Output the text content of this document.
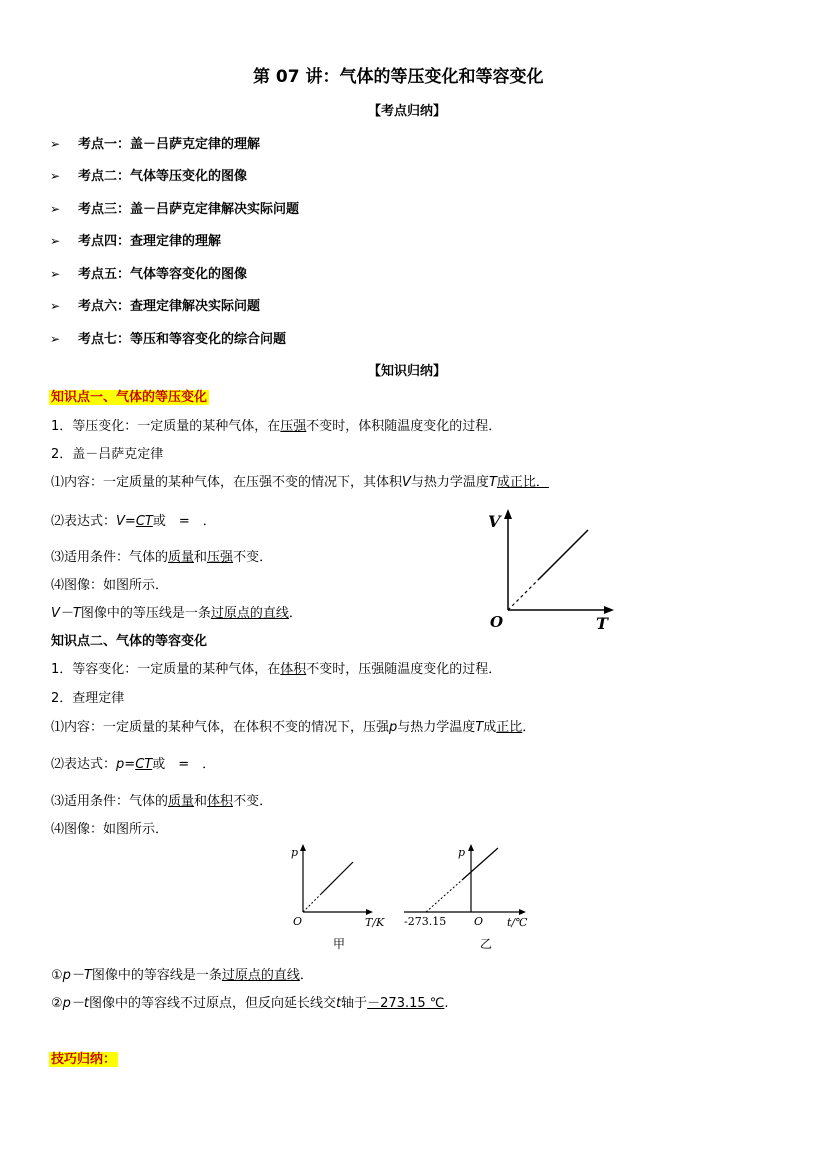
第 07 讲：气体的等压变化和等容变化
【考点归纳】
➢ 考点一：盖－吕萨克定律的理解
➢ 考点二：气体等压变化的图像
➢ 考点三：盖－吕萨克定律解决实际问题
➢ 考点四：查理定律的理解
➢ 考点五：气体等容变化的图像
➢ 考点六：查理定律解决实际问题
➢ 考点七：等压和等容变化的综合问题
【知识归纳】
知识点一、气体的等压变化
1．等压变化：一定质量的某种气体，在压强不变时，体积随温度变化的过程．
2．盖－吕萨克定律
⑴内容：一定质量的某种气体，在压强不变的情况下，其体积V与热力学温度T成正比．
⑵表达式：V=CT或　=　．
⑶适用条件：气体的质量和压强不变．
⑷图像：如图所示．
V－T图像中的等压线是一条过原点的直线．
V
T
O
知识点二、气体的等容变化
1．等容变化：一定质量的某种气体，在体积不变时，压强随温度变化的过程．
2．查理定律
⑴内容：一定质量的某种气体，在体积不变的情况下，压强p与热力学温度T成正比．
⑵表达式：p=CT或　=　．
⑶适用条件：气体的质量和体积不变．
⑷图像：如图所示．
p
T/K
O
甲
p
t/℃
O
-273.15
乙
①p－T图像中的等容线是一条过原点的直线．
②p－t图像中的等容线不过原点，但反向延长线交t轴于－273.15 ℃.
技巧归纳：
